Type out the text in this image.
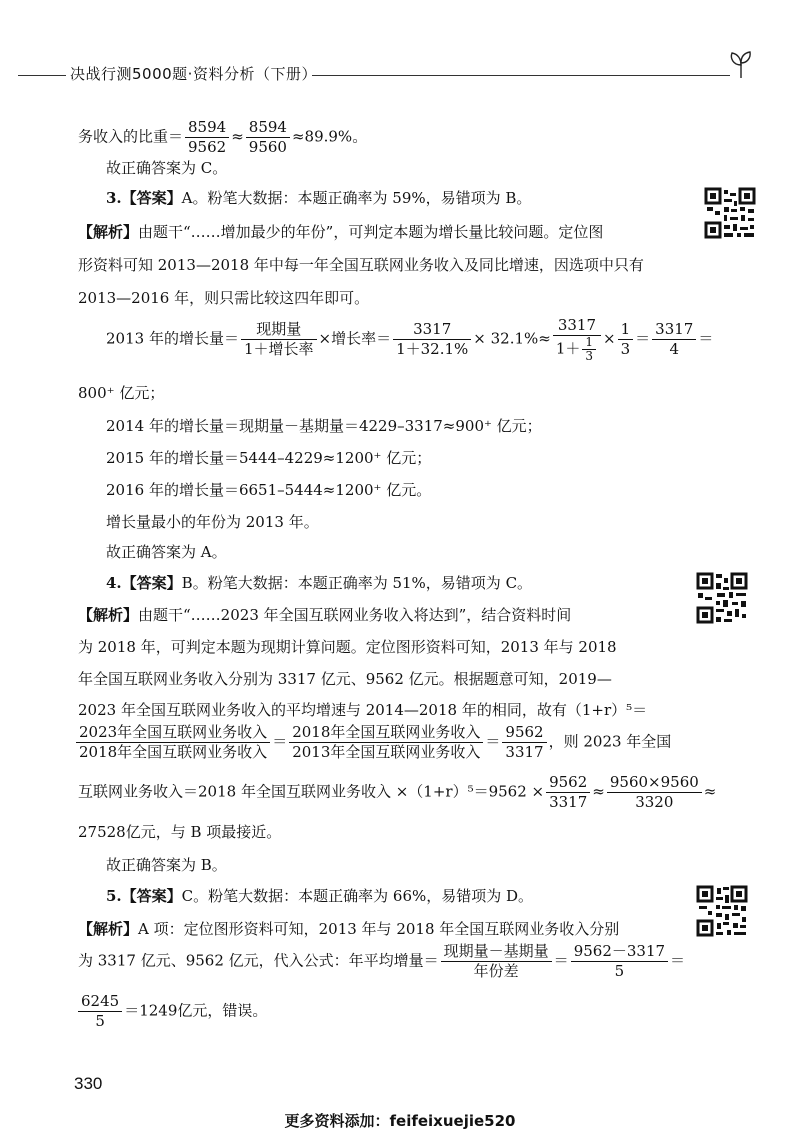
决战行测5000题·资料分析（下册）
务收入的比重＝ $\frac{8594}{9562} \approx \frac{8594}{9560} \approx 89.9\%$。
故正确答案为 C。
3.【答案】A。粉笔大数据：本题正确率为 59%，易错项为 B。
【解析】由题干“……增加最少的年份”，可判定本题为增长量比较问题。定位图
形资料可知 2013—2018 年中每一年全国互联网业务收入及同比增速，因选项中只有
2013—2016 年，则只需比较这四年即可。
2013 年的增长量＝ $\frac{\text{现期量}}{\text{1＋增长率}}$ ×增长率＝ $\frac{3317}{1+32.1\%} \times 32.1\%\approx \frac{3317}{1+ \frac{1}{3}} \times \frac{1}{3} = \frac{3317}{4}$ ＝
800⁺ 亿元；
2014 年的增长量＝现期量－基期量＝4229–3317≈900⁺ 亿元；
2015 年的增长量＝5444–4229≈1200⁺ 亿元；
2016 年的增长量＝6651–5444≈1200⁺ 亿元。
增长量最小的年份为 2013 年。
故正确答案为 A。
4.【答案】B。粉笔大数据：本题正确率为 51%，易错项为 C。
【解析】由题干“……2023 年全国互联网业务收入将达到”，结合资料时间
为 2018 年，可判定本题为现期计算问题。定位图形资料可知，2013 年与 2018
年全国互联网业务收入分别为 3317 亿元、9562 亿元。根据题意可知，2019—
2023 年全国互联网业务收入的平均增速与 2014—2018 年的相同，故有（1+r）⁵＝
$\frac{\text{2023年全国互联网业务收入}}{\text{2018年全国互联网业务收入}} = \frac{\text{2018年全国互联网业务收入}}{\text{2013年全国互联网业务收入}} = \frac{9562}{3317}$ ，则 2023 年全国
互联网业务收入＝2018 年全国互联网业务收入 $\times(1+r)^5=9562 \times \frac{9562}{3317} \approx \frac{9560\times 9560}{3320}$ ≈
27528亿元，与 B 项最接近。
故正确答案为 B。
5.【答案】C。粉笔大数据：本题正确率为 66%，易错项为 D。
【解析】A 项：定位图形资料可知，2013 年与 2018 年全国互联网业务收入分别
为 3317 亿元、9562 亿元，代入公式：年平均增量＝ $\frac{\text{现期量－基期量}}{\text{年份差}} = \frac{9562-3317}{5}$ ＝
$\frac{6245}{5} =1249$亿元，错误。
330
更多资料添加：feifeixuejie520
